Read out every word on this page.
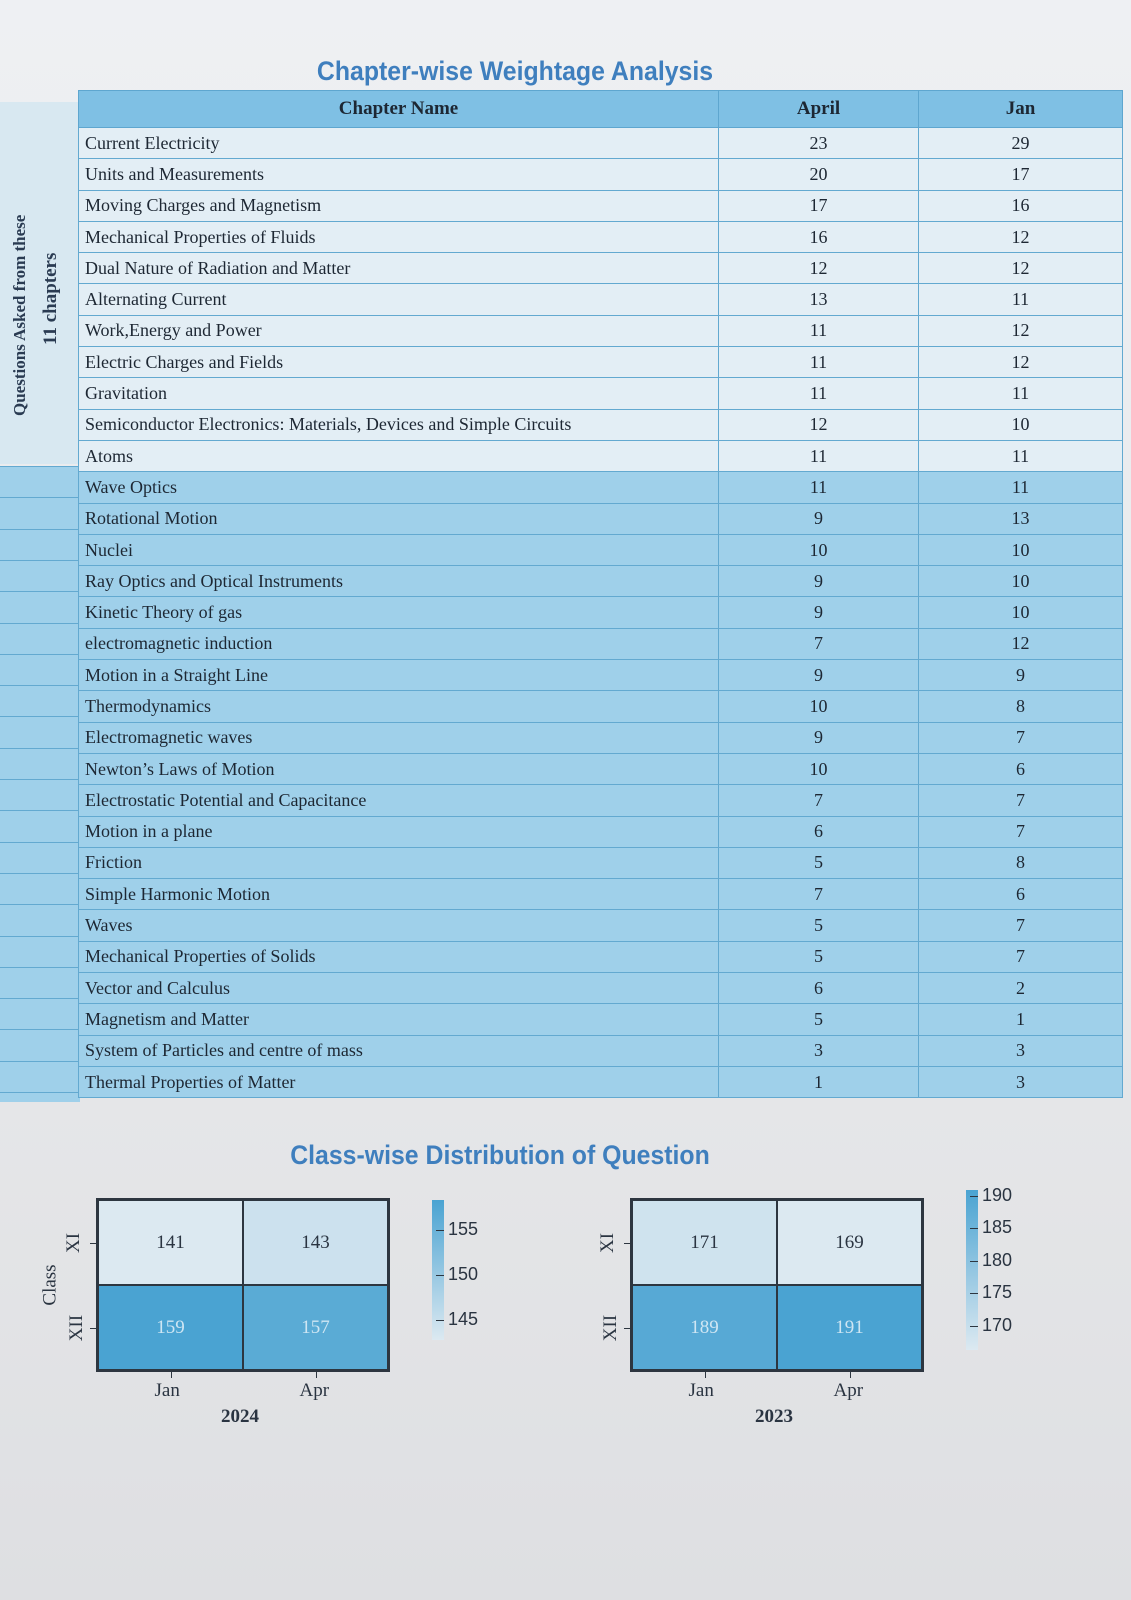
Chapter-wise Weightage Analysis
Questions Asked from these 11 chapters
Chapter Name	April	Jan
Current Electricity	23	29
Units and Measurements	20	17
Moving Charges and Magnetism	17	16
Mechanical Properties of Fluids	16	12
Dual Nature of Radiation and Matter	12	12
Alternating Current	13	11
Work,Energy and Power	11	12
Electric Charges and Fields	11	12
Gravitation	11	11
Semiconductor Electronics: Materials, Devices and Simple Circuits	12	10
Atoms	11	11
Wave Optics	11	11
Rotational Motion	9	13
Nuclei	10	10
Ray Optics and Optical Instruments	9	10
Kinetic Theory of gas	9	10
electromagnetic induction	7	12
Motion in a Straight Line	9	9
Thermodynamics	10	8
Electromagnetic waves	9	7
Newton’s Laws of Motion	10	6
Electrostatic Potential and Capacitance	7	7
Motion in a plane	6	7
Friction	5	8
Simple Harmonic Motion	7	6
Waves	5	7
Mechanical Properties of Solids	5	7
Vector and Calculus	6	2
Magnetism and Matter	5	1
System of Particles and centre of mass	3	3
Thermal Properties of Matter	1	3
Class-wise Distribution of Question
141	143
159	157
XI
XII
Jan	Apr
Class
2024
155
150
145
171	169
189	191
XI
XII
Jan	Apr
2023
190
185
180
175
170
